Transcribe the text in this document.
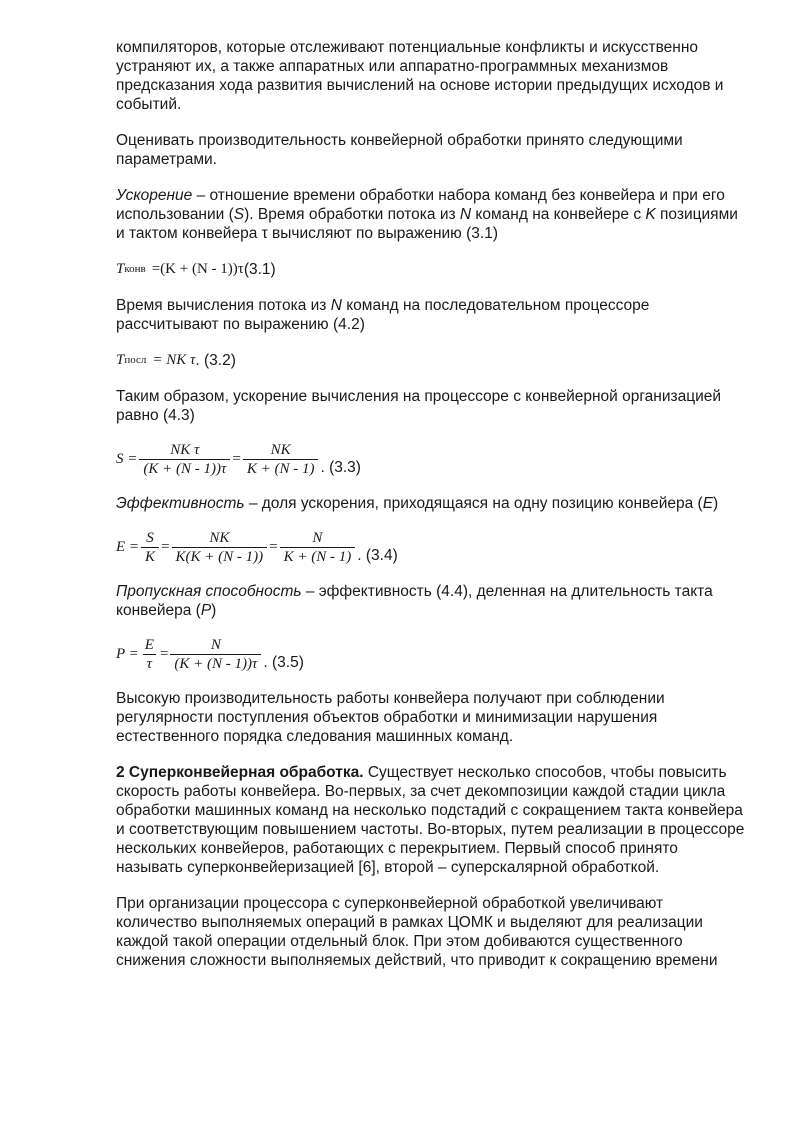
компиляторов, которые отслеживают потенциальные конфликты и искусственно устраняют их, а также аппаратных или аппаратно-программных механизмов предсказания хода развития вычислений на основе истории предыдущих исходов и событий.

Оценивать производительность конвейерной обработки принято следующими параметрами.

Ускорение – отношение времени обработки набора команд без конвейера и при его использовании (S). Время обработки потока из N команд на конвейере с K позициями и тактом конвейера τ вычисляют по выражению (3.1)

T конв =(K + (N - 1))τ (3.1)

Время вычисления потока из N команд на последовательном процессоре рассчитывают по выражению (4.2)

T посл = NK τ . (3.2)

Таким образом, ускорение вычисления на процессоре с конвейерной организацией равно (4.3)

$S = \frac{\text{NK τ}}{(K + (N - 1))\tau} = \frac{NK}{K + (N - 1)}$ . (3.3)

Эффективность – доля ускорения, приходящаяся на одну позицию конвейера (E)

$E = \frac{S}{K} = \frac{NK}{K(K + (N - 1))} = \frac{N}{K + (N - 1)}$ . (3.4)

Пропускная способность – эффективность (4.4), деленная на длительность такта конвейера (P)

$P = \frac{E}{\tau} = \frac{N}{(K + (N - 1))\tau}$ . (3.5)

Высокую производительность работы конвейера получают при соблюдении регулярности поступления объектов обработки и минимизации нарушения естественного порядка следования машинных команд.

2 Суперконвейерная обработка. Существует несколько способов, чтобы повысить скорость работы конвейера. Во-первых, за счет декомпозиции каждой стадии цикла обработки машинных команд на несколько подстадий с сокращением такта конвейера и соответствующим повышением частоты. Во-вторых, путем реализации в процессоре нескольких конвейеров, работающих с перекрытием. Первый способ принято называть суперконвейеризацией [6], второй – суперскалярной обработкой.

При организации процессора с суперконвейерной обработкой увеличивают количество выполняемых операций в рамках ЦОМК и выделяют для реализации каждой такой операции отдельный блок. При этом добиваются существенного снижения сложности выполняемых действий, что приводит к сокращению времени
